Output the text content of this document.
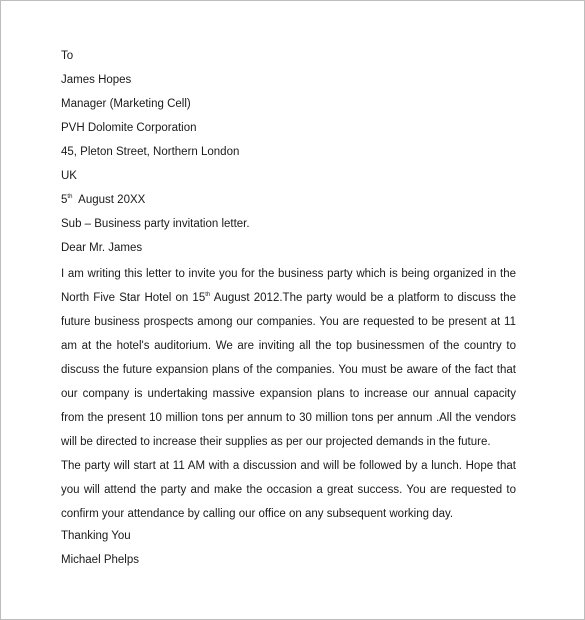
To
James Hopes
Manager (Marketing Cell)
PVH Dolomite Corporation
45, Pleton Street, Northern London
UK
5th  August 20XX
Sub – Business party invitation letter.
Dear Mr. James

I am writing this letter to invite you for the business party which is being organized in the North Five Star Hotel on 15th August 2012.The party would be a platform to discuss the future business prospects among our companies. You are requested to be present at 11 am at the hotel's auditorium. We are inviting all the top businessmen of the country to discuss the future expansion plans of the companies. You must be aware of the fact that our company is undertaking massive expansion plans to increase our annual capacity from the present 10 million tons per annum to 30 million tons per annum .All the vendors will be directed to increase their supplies as per our projected demands in the future.

The party will start at 11 AM with a discussion and will be followed by a lunch. Hope that you will attend the party and make the occasion a great success. You are requested to confirm your attendance by calling our office on any subsequent working day.

Thanking You
Michael Phelps
